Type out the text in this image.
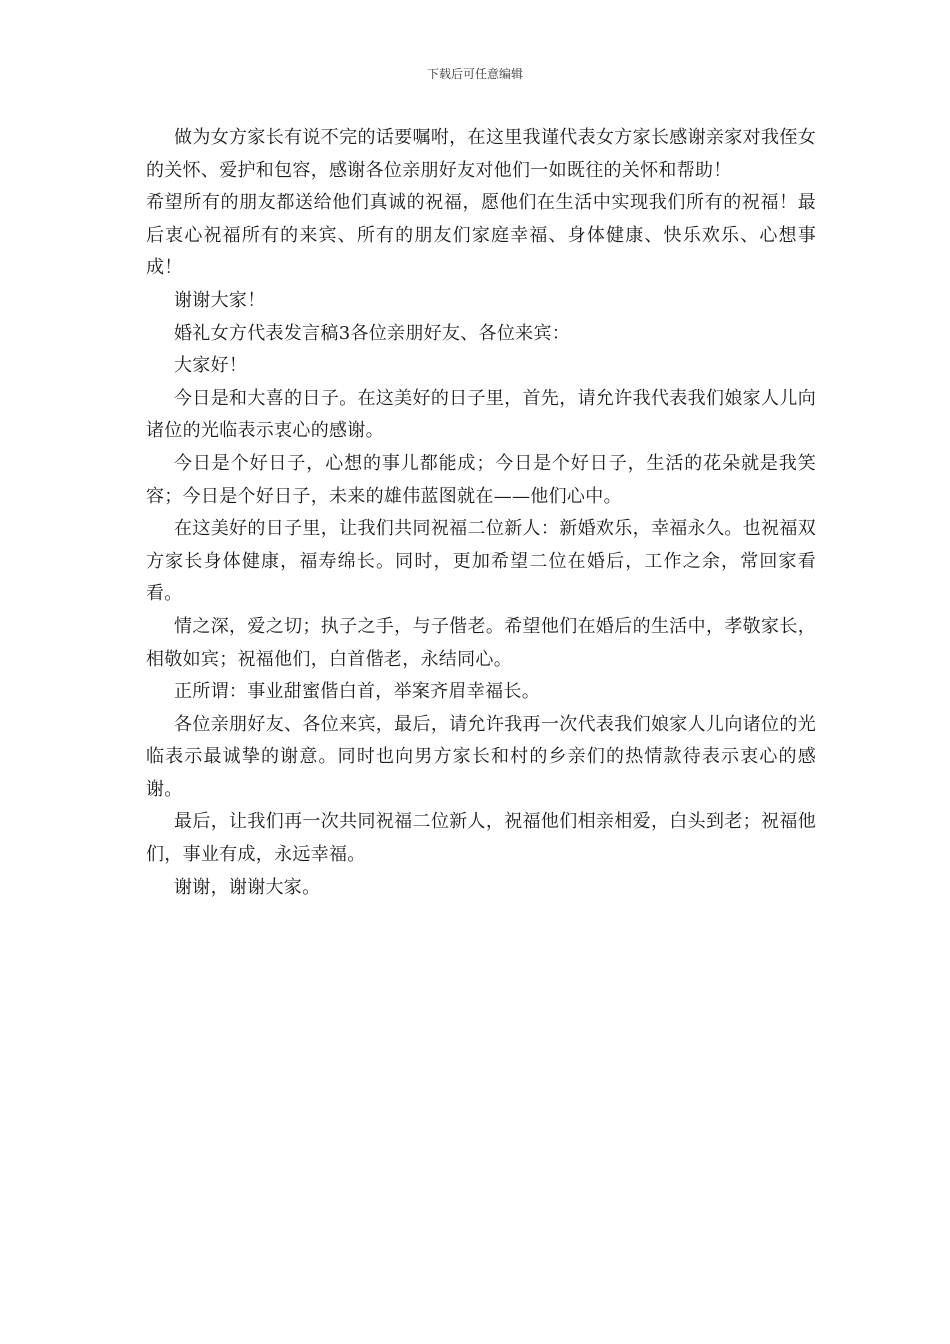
下载后可任意编辑

做为女方家长有说不完的话要嘱咐，在这里我谨代表女方家长感谢亲家对我侄女的关怀、爱护和包容，感谢各位亲朋好友对他们一如既往的关怀和帮助！

希望所有的朋友都送给他们真诚的祝福，愿他们在生活中实现我们所有的祝福！最后衷心祝福所有的来宾、所有的朋友们家庭幸福、身体健康、快乐欢乐、心想事成！

谢谢大家！

婚礼女方代表发言稿3各位亲朋好友、各位来宾：

大家好！

今日是和大喜的日子。在这美好的日子里，首先，请允许我代表我们娘家人儿向诸位的光临表示衷心的感谢。

今日是个好日子，心想的事儿都能成；今日是个好日子，生活的花朵就是我笑容；今日是个好日子，未来的雄伟蓝图就在——他们心中。

在这美好的日子里，让我们共同祝福二位新人：新婚欢乐，幸福永久。也祝福双方家长身体健康，福寿绵长。同时，更加希望二位在婚后，工作之余，常回家看看。

情之深，爱之切；执子之手，与子偕老。希望他们在婚后的生活中，孝敬家长，相敬如宾；祝福他们，白首偕老，永结同心。

正所谓：事业甜蜜偕白首，举案齐眉幸福长。

各位亲朋好友、各位来宾，最后，请允许我再一次代表我们娘家人儿向诸位的光临表示最诚挚的谢意。同时也向男方家长和村的乡亲们的热情款待表示衷心的感谢。

最后，让我们再一次共同祝福二位新人，祝福他们相亲相爱，白头到老；祝福他们，事业有成，永远幸福。

谢谢，谢谢大家。
